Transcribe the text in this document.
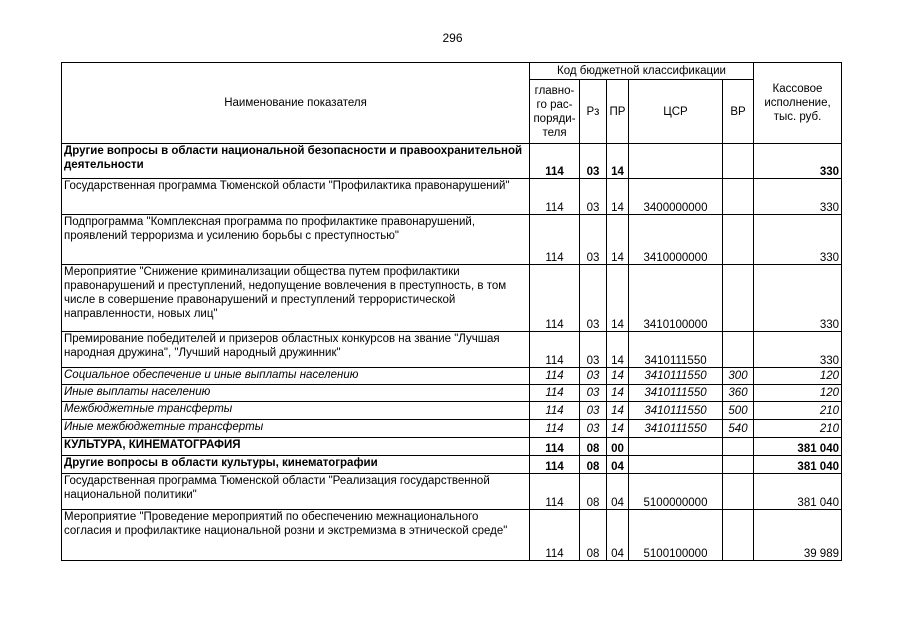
296
Наименование показателя	Код бюджетной классификации					Кассовое исполнение, тыс. руб.
	главно-го рас-поряди-теля	Рз	ПР	ЦСР	ВР	
Другие вопросы в области национальной безопасности и правоохранительной деятельности	114	03	14			330
Государственная программа Тюменской области "Профилактика правонарушений"	114	03	14	3400000000		330
Подпрограмма "Комплексная программа по профилактике правонарушений, проявлений терроризма и усилению борьбы с преступностью"	114	03	14	3410000000		330
Мероприятие "Снижение криминализации общества путем профилактики правонарушений и преступлений, недопущение вовлечения в преступность, в том числе в совершение правонарушений и преступлений террористической направленности, новых лиц"	114	03	14	3410100000		330
Премирование победителей и призеров областных конкурсов на звание "Лучшая народная дружина", "Лучший народный дружинник"	114	03	14	3410111550		330
Социальное обеспечение и иные выплаты населению	114	03	14	3410111550	300	120
Иные выплаты населению	114	03	14	3410111550	360	120
Межбюджетные трансферты	114	03	14	3410111550	500	210
Иные межбюджетные трансферты	114	03	14	3410111550	540	210
КУЛЬТУРА, КИНЕМАТОГРАФИЯ	114	08	00			381 040
Другие вопросы в области культуры, кинематографии	114	08	04			381 040
Государственная программа Тюменской области "Реализация государственной национальной политики"	114	08	04	5100000000		381 040
Мероприятие "Проведение мероприятий по обеспечению межнационального согласия и профилактике национальной розни и экстремизма в этнической среде"	114	08	04	5100100000		39 989
